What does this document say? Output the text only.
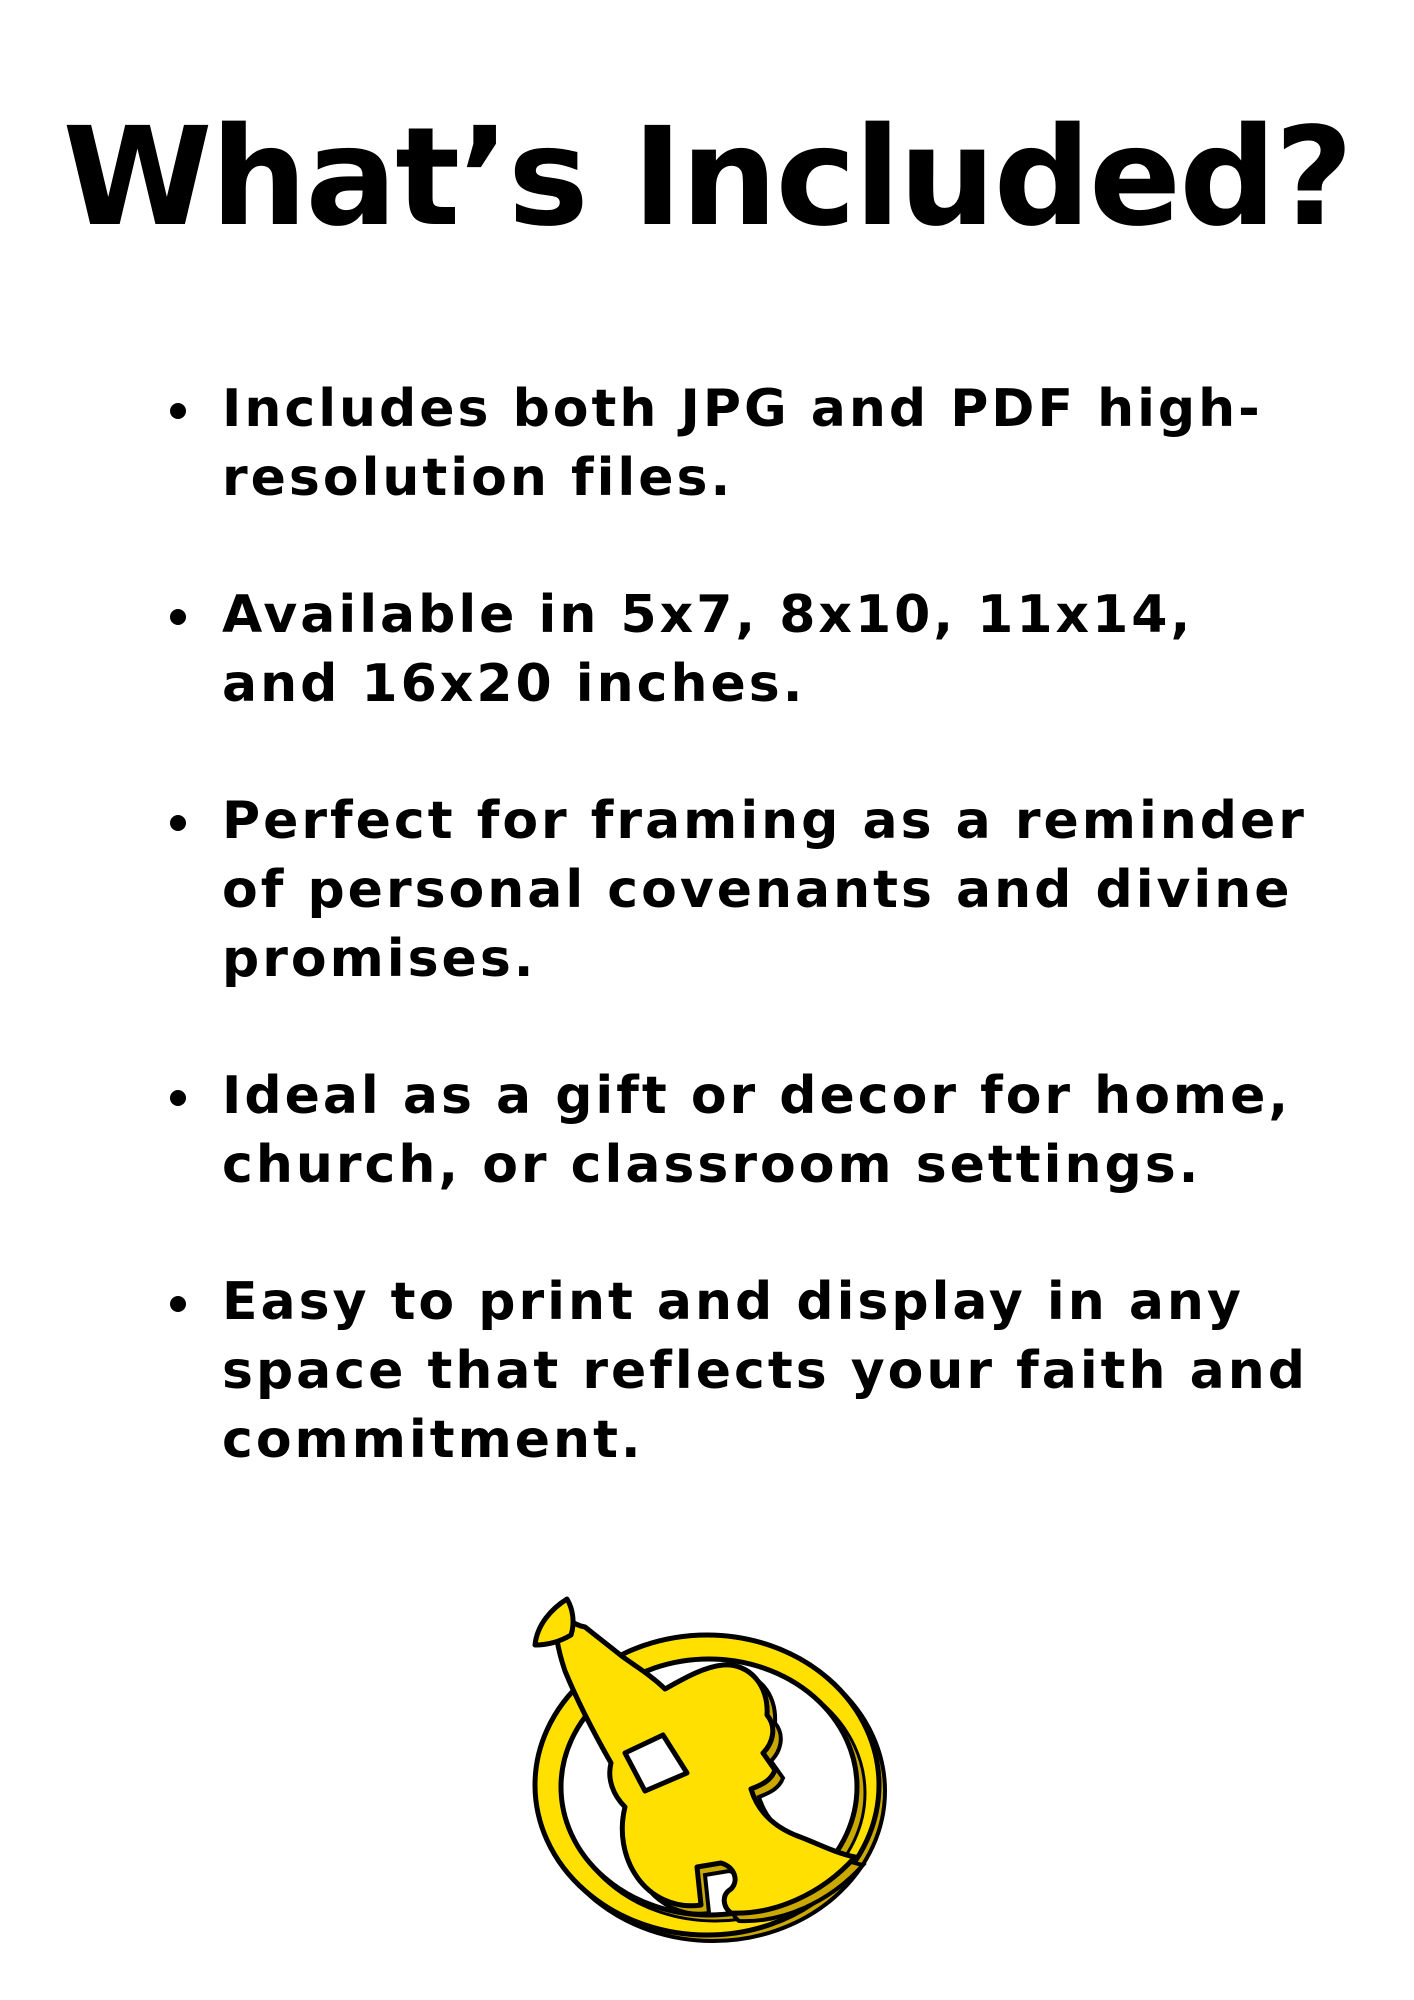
What’s Included?
Includes both JPG and PDF high-resolution files.
Available in 5x7, 8x10, 11x14, and 16x20 inches.
Perfect for framing as a reminder of personal covenants and divine promises.
Ideal as a gift or decor for home, church, or classroom settings.
Easy to print and display in any space that reflects your faith and commitment.
